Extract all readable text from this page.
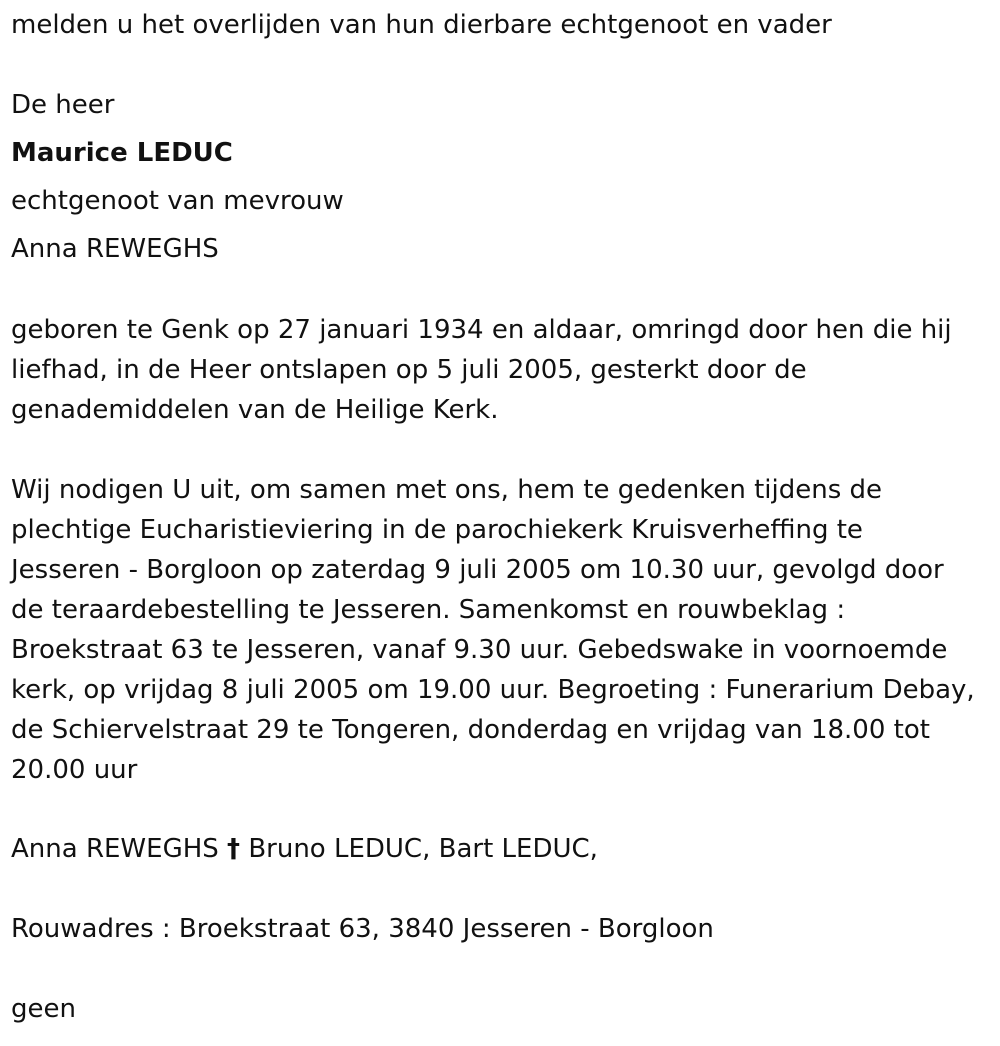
melden u het overlijden van hun dierbare echtgenoot en vader
De heer
Maurice LEDUC
echtgenoot van mevrouw
Anna REWEGHS
geboren te Genk op 27 januari 1934 en aldaar, omringd door hen die hij
liefhad, in de Heer ontslapen op 5 juli 2005, gesterkt door de
genademiddelen van de Heilige Kerk.
Wij nodigen U uit, om samen met ons, hem te gedenken tijdens de
plechtige Eucharistieviering in de parochiekerk Kruisverheffing te
Jesseren - Borgloon op zaterdag 9 juli 2005 om 10.30 uur, gevolgd door
de teraardebestelling te Jesseren. Samenkomst en rouwbeklag :
Broekstraat 63 te Jesseren, vanaf 9.30 uur. Gebedswake in voornoemde
kerk, op vrijdag 8 juli 2005 om 19.00 uur. Begroeting : Funerarium Debay,
de Schiervelstraat 29 te Tongeren, donderdag en vrijdag van 18.00 tot
20.00 uur
Anna REWEGHS † Bruno LEDUC, Bart LEDUC,
Rouwadres : Broekstraat 63, 3840 Jesseren - Borgloon
geen
